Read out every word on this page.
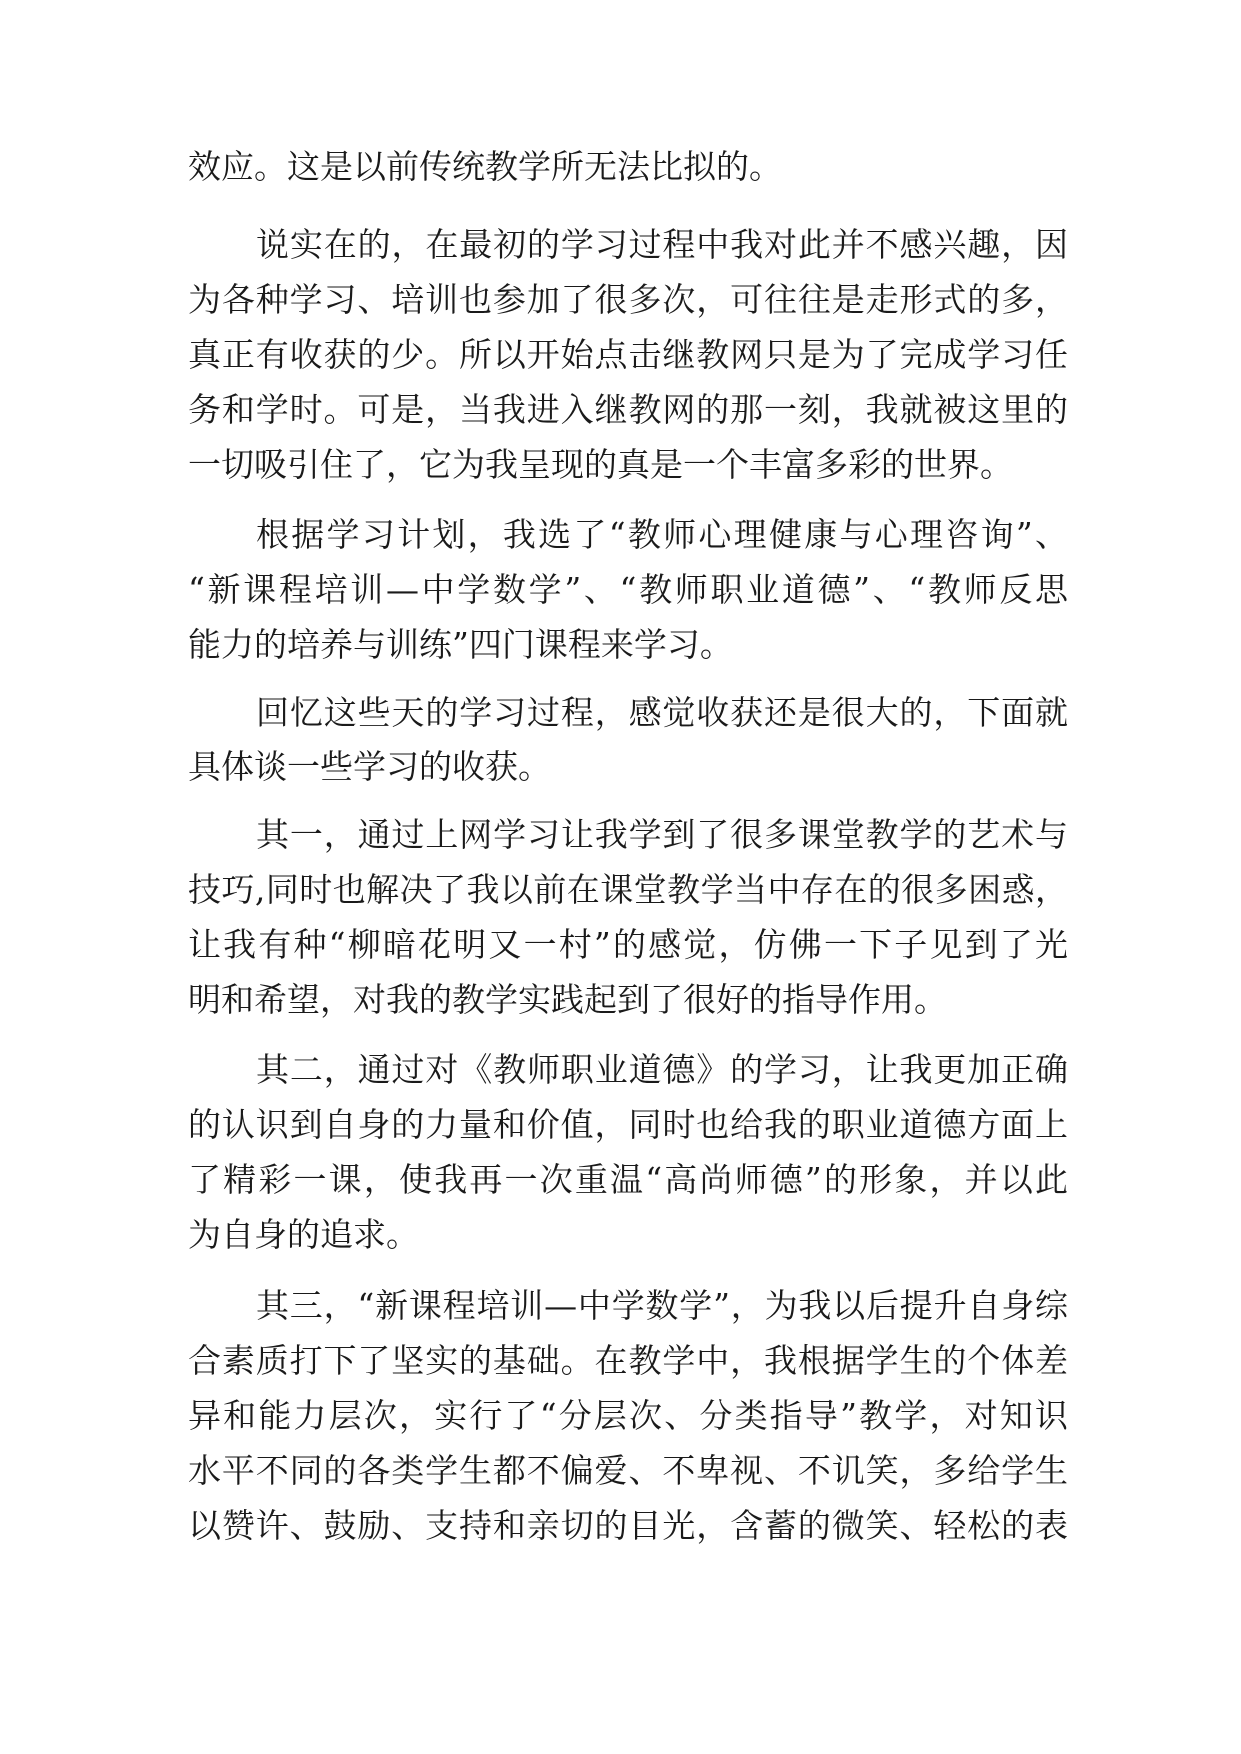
效应。这是以前传统教学所无法比拟的。
说实在的，在最初的学习过程中我对此并不感兴趣，因
为各种学习、培训也参加了很多次，可往往是走形式的多，
真正有收获的少。所以开始点击继教网只是为了完成学习任
务和学时。可是，当我进入继教网的那一刻，我就被这里的
一切吸引住了，它为我呈现的真是一个丰富多彩的世界。
根据学习计划，我选了“教师心理健康与心理咨询”、
“新课程培训—中学数学”、“教师职业道德”、“教师反思
能力的培养与训练”四门课程来学习。
回忆这些天的学习过程，感觉收获还是很大的，下面就
具体谈一些学习的收获。
其一，通过上网学习让我学到了很多课堂教学的艺术与
技巧,同时也解决了我以前在课堂教学当中存在的很多困惑，
让我有种“柳暗花明又一村”的感觉，仿佛一下子见到了光
明和希望，对我的教学实践起到了很好的指导作用。
其二，通过对《教师职业道德》的学习，让我更加正确
的认识到自身的力量和价值，同时也给我的职业道德方面上
了精彩一课，使我再一次重温“高尚师德”的形象，并以此
为自身的追求。
其三，“新课程培训—中学数学”，为我以后提升自身综
合素质打下了坚实的基础。在教学中，我根据学生的个体差
异和能力层次，实行了“分层次、分类指导”教学，对知识
水平不同的各类学生都不偏爱、不卑视、不讥笑，多给学生
以赞许、鼓励、支持和亲切的目光，含蓄的微笑、轻松的表
